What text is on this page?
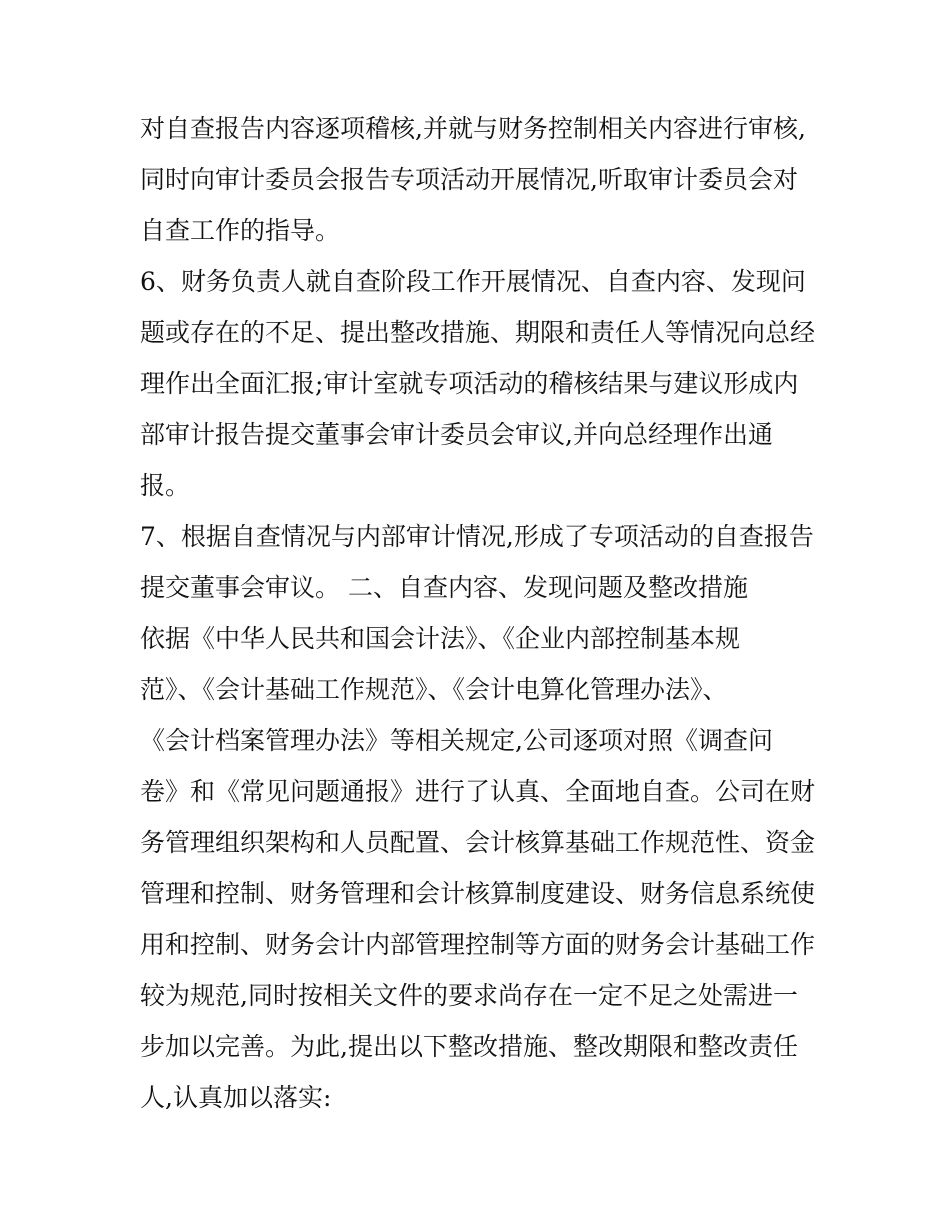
对自查报告内容逐项稽核,并就与财务控制相关内容进行审核,
同时向审计委员会报告专项活动开展情况,听取审计委员会对
自查工作的指导。
6、财务负责人就自查阶段工作开展情况、自查内容、发现问
题或存在的不足、提出整改措施、期限和责任人等情况向总经
理作出全面汇报;审计室就专项活动的稽核结果与建议形成内
部审计报告提交董事会审计委员会审议,并向总经理作出通
报。
7、根据自查情况与内部审计情况,形成了专项活动的自查报告
提交董事会审议。 二、自查内容、发现问题及整改措施
依据《中华人民共和国会计法》、《企业内部控制基本规
范》、《会计基础工作规范》、《会计电算化管理办法》、
《会计档案管理办法》等相关规定,公司逐项对照《调查问
卷》和《常见问题通报》进行了认真、全面地自查。公司在财
务管理组织架构和人员配置、会计核算基础工作规范性、资金
管理和控制、财务管理和会计核算制度建设、财务信息系统使
用和控制、财务会计内部管理控制等方面的财务会计基础工作
较为规范,同时按相关文件的要求尚存在一定不足之处需进一
步加以完善。为此,提出以下整改措施、整改期限和整改责任
人,认真加以落实:
